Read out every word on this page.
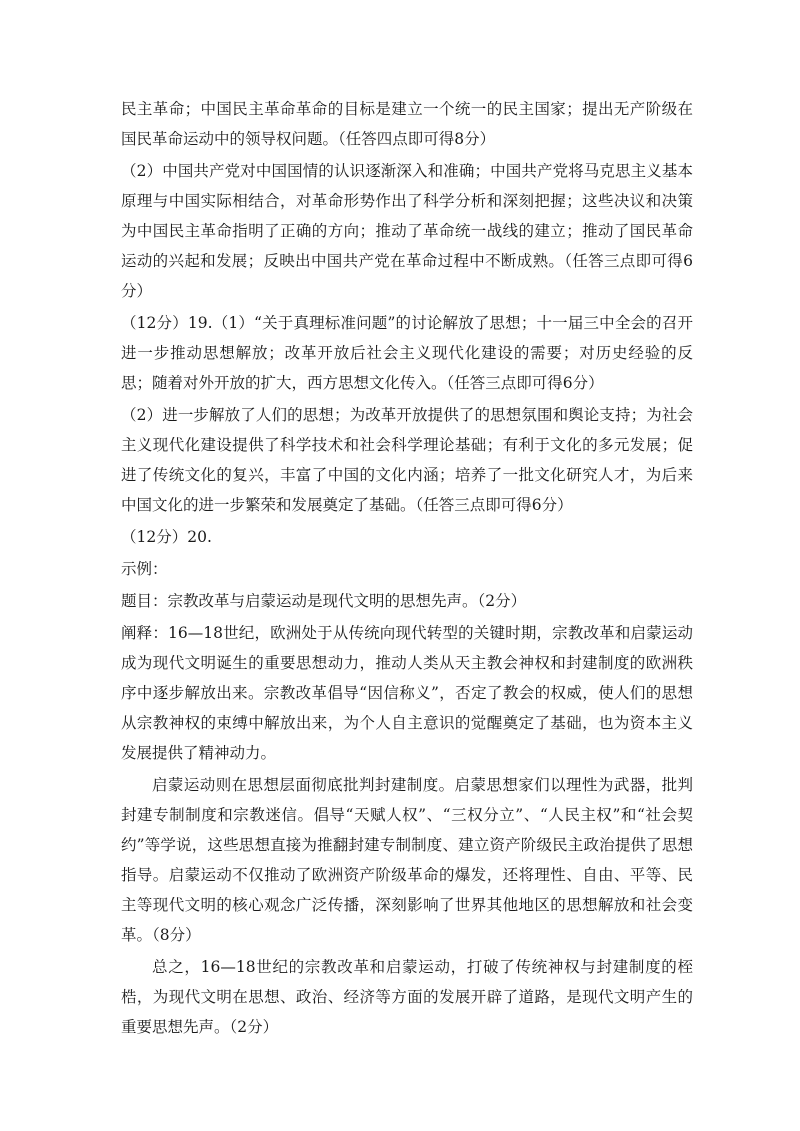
民主革命；中国民主革命革命的目标是建立一个统一的民主国家；提出无产阶级在国民革命运动中的领导权问题。（任答四点即可得8分）

（2）中国共产党对中国国情的认识逐渐深入和准确；中国共产党将马克思主义基本原理与中国实际相结合，对革命形势作出了科学分析和深刻把握；这些决议和决策为中国民主革命指明了正确的方向；推动了革命统一战线的建立；推动了国民革命运动的兴起和发展；反映出中国共产党在革命过程中不断成熟。（任答三点即可得6分）

（12分）19.（1）“关于真理标准问题”的讨论解放了思想；十一届三中全会的召开进一步推动思想解放；改革开放后社会主义现代化建设的需要；对历史经验的反思；随着对外开放的扩大，西方思想文化传入。（任答三点即可得6分）

（2）进一步解放了人们的思想；为改革开放提供了的思想氛围和舆论支持；为社会主义现代化建设提供了科学技术和社会科学理论基础；有利于文化的多元发展；促进了传统文化的复兴，丰富了中国的文化内涵；培养了一批文化研究人才，为后来中国文化的进一步繁荣和发展奠定了基础。（任答三点即可得6分）

（12分）20.

示例：

题目：宗教改革与启蒙运动是现代文明的思想先声。（2分）

阐释：16—18世纪，欧洲处于从传统向现代转型的关键时期，宗教改革和启蒙运动成为现代文明诞生的重要思想动力，推动人类从天主教会神权和封建制度的欧洲秩序中逐步解放出来。宗教改革倡导“因信称义”，否定了教会的权威，使人们的思想从宗教神权的束缚中解放出来，为个人自主意识的觉醒奠定了基础，也为资本主义发展提供了精神动力。

启蒙运动则在思想层面彻底批判封建制度。启蒙思想家们以理性为武器，批判封建专制制度和宗教迷信。倡导“天赋人权”、“三权分立”、“人民主权”和“社会契约”等学说，这些思想直接为推翻封建专制制度、建立资产阶级民主政治提供了思想指导。启蒙运动不仅推动了欧洲资产阶级革命的爆发，还将理性、自由、平等、民主等现代文明的核心观念广泛传播，深刻影响了世界其他地区的思想解放和社会变革。（8分）

总之，16—18世纪的宗教改革和启蒙运动，打破了传统神权与封建制度的桎梏，为现代文明在思想、政治、经济等方面的发展开辟了道路，是现代文明产生的重要思想先声。（2分）
